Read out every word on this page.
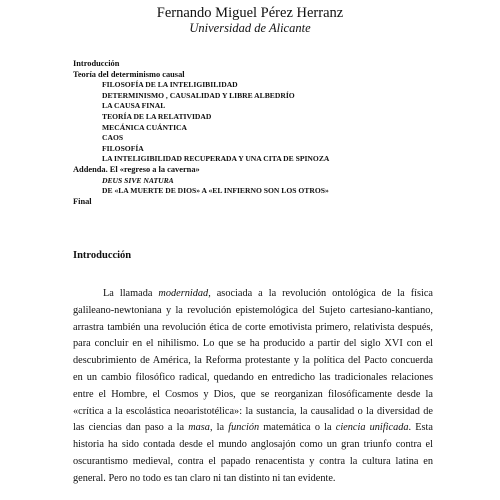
Fernando Miguel Pérez Herranz
Universidad de Alicante
Introducción
Teoría del determinismo causal
FILOSOFÍA DE LA INTELIGIBILIDAD
DETERMINISMO , CAUSALIDAD Y LIBRE ALBEDRÍO
LA CAUSA FINAL
TEORÍA DE LA RELATIVIDAD
MECÁNICA CUÁNTICA
CAOS
FILOSOFÍA
LA INTELIGIBILIDAD RECUPERADA Y UNA CITA DE SPINOZA
Addenda. El «regreso a la caverna»
DEUS SIVE NATURA
DE «LA MUERTE DE DIOS» A «EL INFIERNO SON LOS OTROS»
Final
Introducción

La llamada modernidad, asociada a la revolución ontológica de la física galileano-newtoniana y la revolución epistemológica del Sujeto cartesiano-kantiano, arrastra también una revolución ética de corte emotivista primero, relativista después, para concluir en el nihilismo. Lo que se ha producido a partir del siglo XVI con el descubrimiento de América, la Reforma protestante y la política del Pacto concuerda en un cambio filosófico radical, quedando en entredicho las tradicionales relaciones entre el Hombre, el Cosmos y Dios, que se reorganizan filosóficamente desde la «crítica a la escolástica neoaristotélica»: la sustancia, la causalidad o la diversidad de las ciencias dan paso a la masa, la función matemática o la ciencia unificada. Esta historia ha sido contada desde el mundo anglosajón como un gran triunfo contra el oscurantismo medieval, contra el papado renacentista y contra la cultura latina en general. Pero no todo es tan claro ni tan distinto ni tan evidente.
